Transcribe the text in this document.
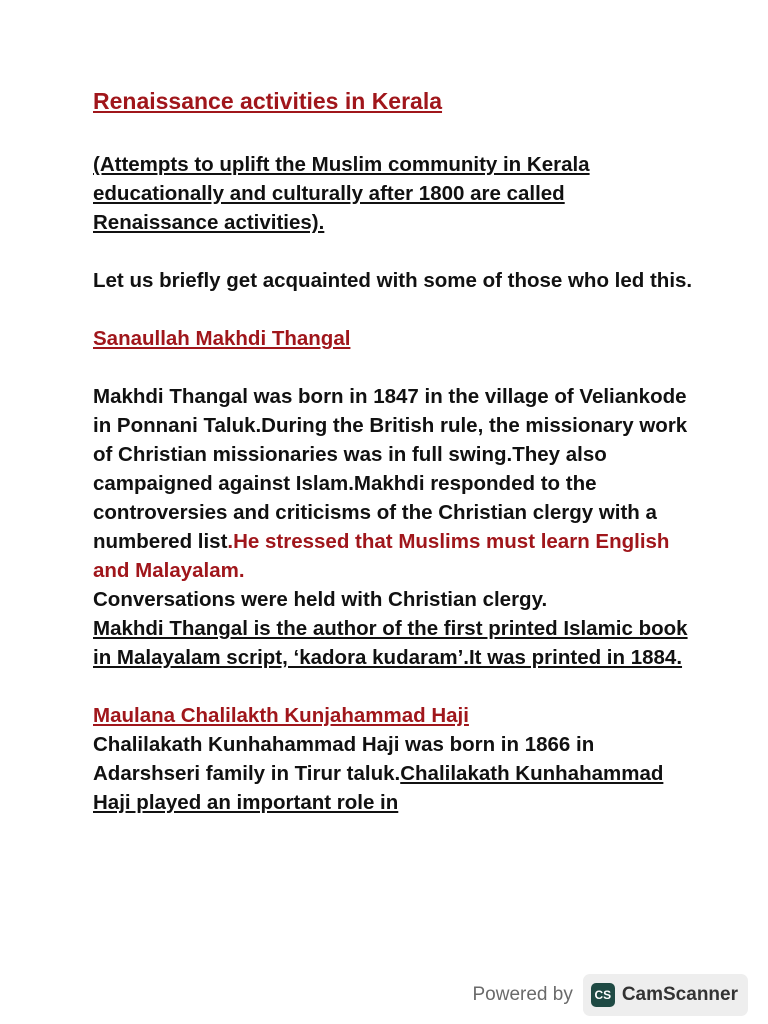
Renaissance activities in Kerala
(Attempts to uplift the Muslim community in Kerala educationally and culturally after 1800 are called Renaissance activities).
Let us briefly get acquainted with some of those who led this.
Sanaullah Makhdi Thangal
Makhdi Thangal was born in 1847 in the village of Veliankode in Ponnani Taluk.During the British rule, the missionary work of Christian missionaries was in full swing.They also campaigned against Islam.Makhdi responded to the controversies and criticisms of the Christian clergy with a numbered list.He stressed that Muslims must learn English and Malayalam.
Conversations were held with Christian clergy.
Makhdi Thangal is the author of the first printed Islamic book in Malayalam script, ‘kadora kudaram’.It was printed in 1884.
Maulana Chalilakth Kunjahammad Haji
Chalilakath Kunhahammad Haji was born in 1866 in Adarshseri family in Tirur taluk.Chalilakath Kunhahammad Haji played an important role in
Powered by	CS CamScanner
